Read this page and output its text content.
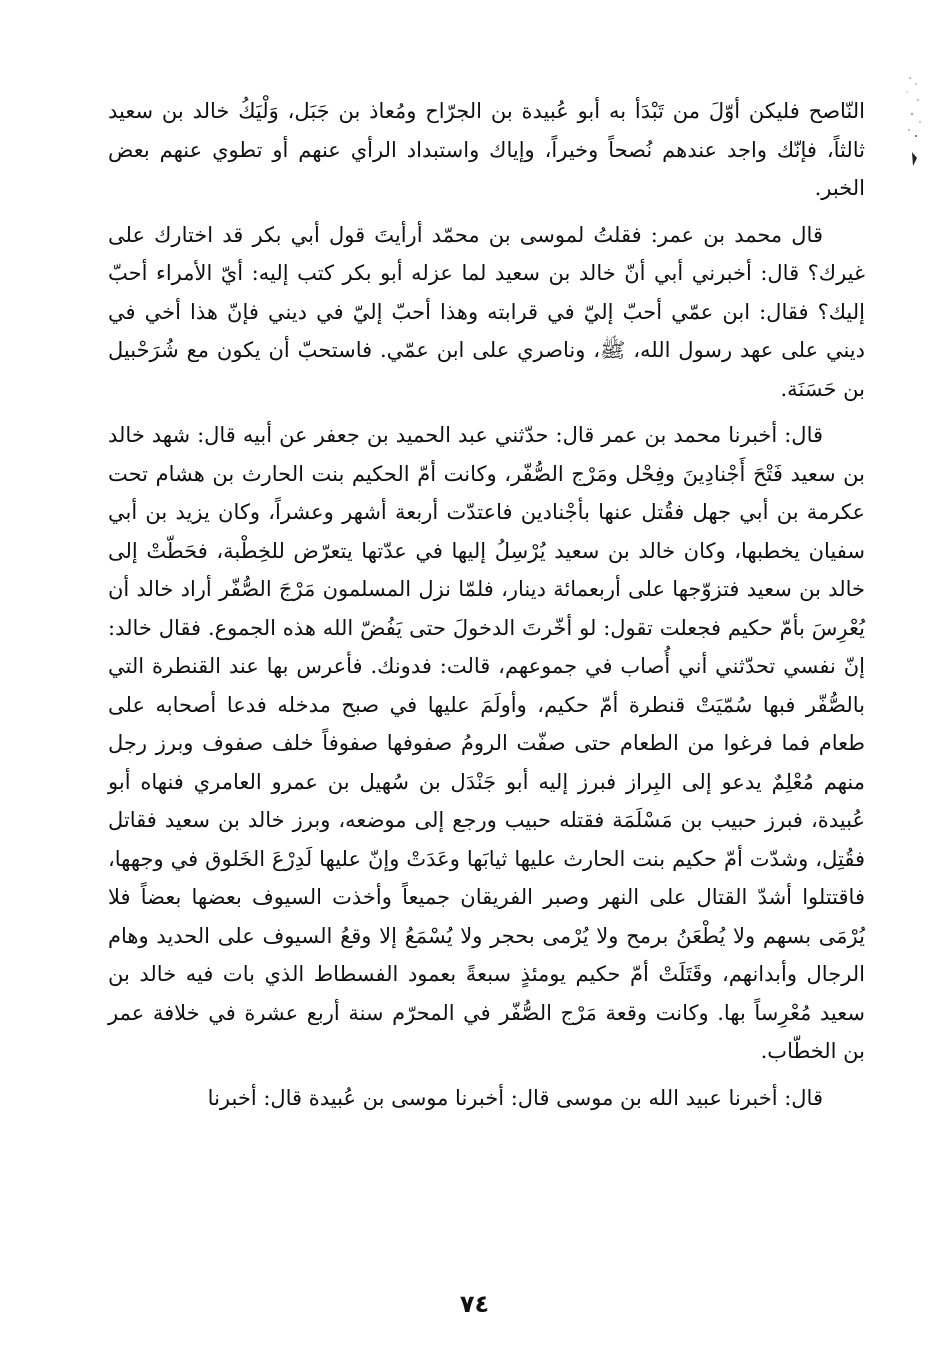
النّاصح فليكن أوّلَ من تَبْدَأ به أبو عُبيدة بن الجرّاح ومُعاذ بن جَبَل، وَلْيَكُ خالد بن سعيد ثالثاً، فإنّك واجد عندهم نُصحاً وخيراً، وإياك واستبداد الرأي عنهم أو تطوي عنهم بعض الخبر.

قال محمد بن عمر: فقلتُ لموسى بن محمّد أرأيتَ قول أبي بكر قد اختارك على غيرك؟ قال: أخبرني أبي أنّ خالد بن سعيد لما عزله أبو بكر كتب إليه: أيّ الأمراء أحبّ إليك؟ فقال: ابن عمّي أحبّ إليّ في قرابته وهذا أحبّ إليّ في ديني فإنّ هذا أخي في ديني على عهد رسول الله، ﷺ، وناصري على ابن عمّي. فاستحبّ أن يكون مع شُرَحْبيل بن حَسَنَة.

قال: أخبرنا محمد بن عمر قال: حدّثني عبد الحميد بن جعفر عن أبيه قال: شهد خالد بن سعيد فَتْحَ أَجْنادِينَ وفِحْل ومَرْج الصُّفّر، وكانت أمّ الحكيم بنت الحارث بن هشام تحت عكرمة بن أبي جهل فقُتل عنها بأجْنادين فاعتدّت أربعة أشهر وعشراً، وكان يزيد بن أبي سفيان يخطبها، وكان خالد بن سعيد يُرْسِلُ إليها في عدّتها يتعرّض للخِطْبة، فحَطّتْ إلى خالد بن سعيد فتزوّجها على أربعمائة دينار، فلمّا نزل المسلمون مَرْجَ الصُّفّر أراد خالد أن يُعْرِسَ بأمّ حكيم فجعلت تقول: لو أخّرتَ الدخولَ حتى يَفُضّ الله هذه الجموع. فقال خالد: إنّ نفسي تحدّثني أني أُصاب في جموعهم، قالت: فدونك. فأعرس بها عند القنطرة التي بالصُّفّر فبها سُمّيَتْ قنطرة أمّ حكيم، وأولَمَ عليها في صبح مدخله فدعا أصحابه على طعام فما فرغوا من الطعام حتى صفّت الرومُ صفوفها صفوفاً خلف صفوف وبرز رجل منهم مُعْلِمٌ يدعو إلى البِراز فبرز إليه أبو جَنْدَل بن سُهيل بن عمرو العامري فنهاه أبو عُبيدة، فبرز حبيب بن مَسْلَمَة فقتله حبيب ورجع إلى موضعه، وبرز خالد بن سعيد فقاتل فقُتِل، وشدّت أمّ حكيم بنت الحارث عليها ثيابَها وعَدَتْ وإنّ عليها لَدِرْعَ الخَلوق في وجهها، فاقتتلوا أشدّ القتال على النهر وصبر الفريقان جميعاً وأخذت السيوف بعضها بعضاً فلا يُرْمَى بسهم ولا يُطْعَنُ برمح ولا يُرْمى بحجر ولا يُسْمَعُ إلا وقعُ السيوف على الحديد وهام الرجال وأبدانهم، وقَتَلَتْ أمّ حكيم يومئذٍ سبعةً بعمود الفسطاط الذي بات فيه خالد بن سعيد مُعْرِساً بها. وكانت وقعة مَرْج الصُّفّر في المحرّم سنة أربع عشرة في خلافة عمر بن الخطّاب.

قال: أخبرنا عبيد الله بن موسى قال: أخبرنا موسى بن عُبيدة قال: أخبرنا

٧٤
